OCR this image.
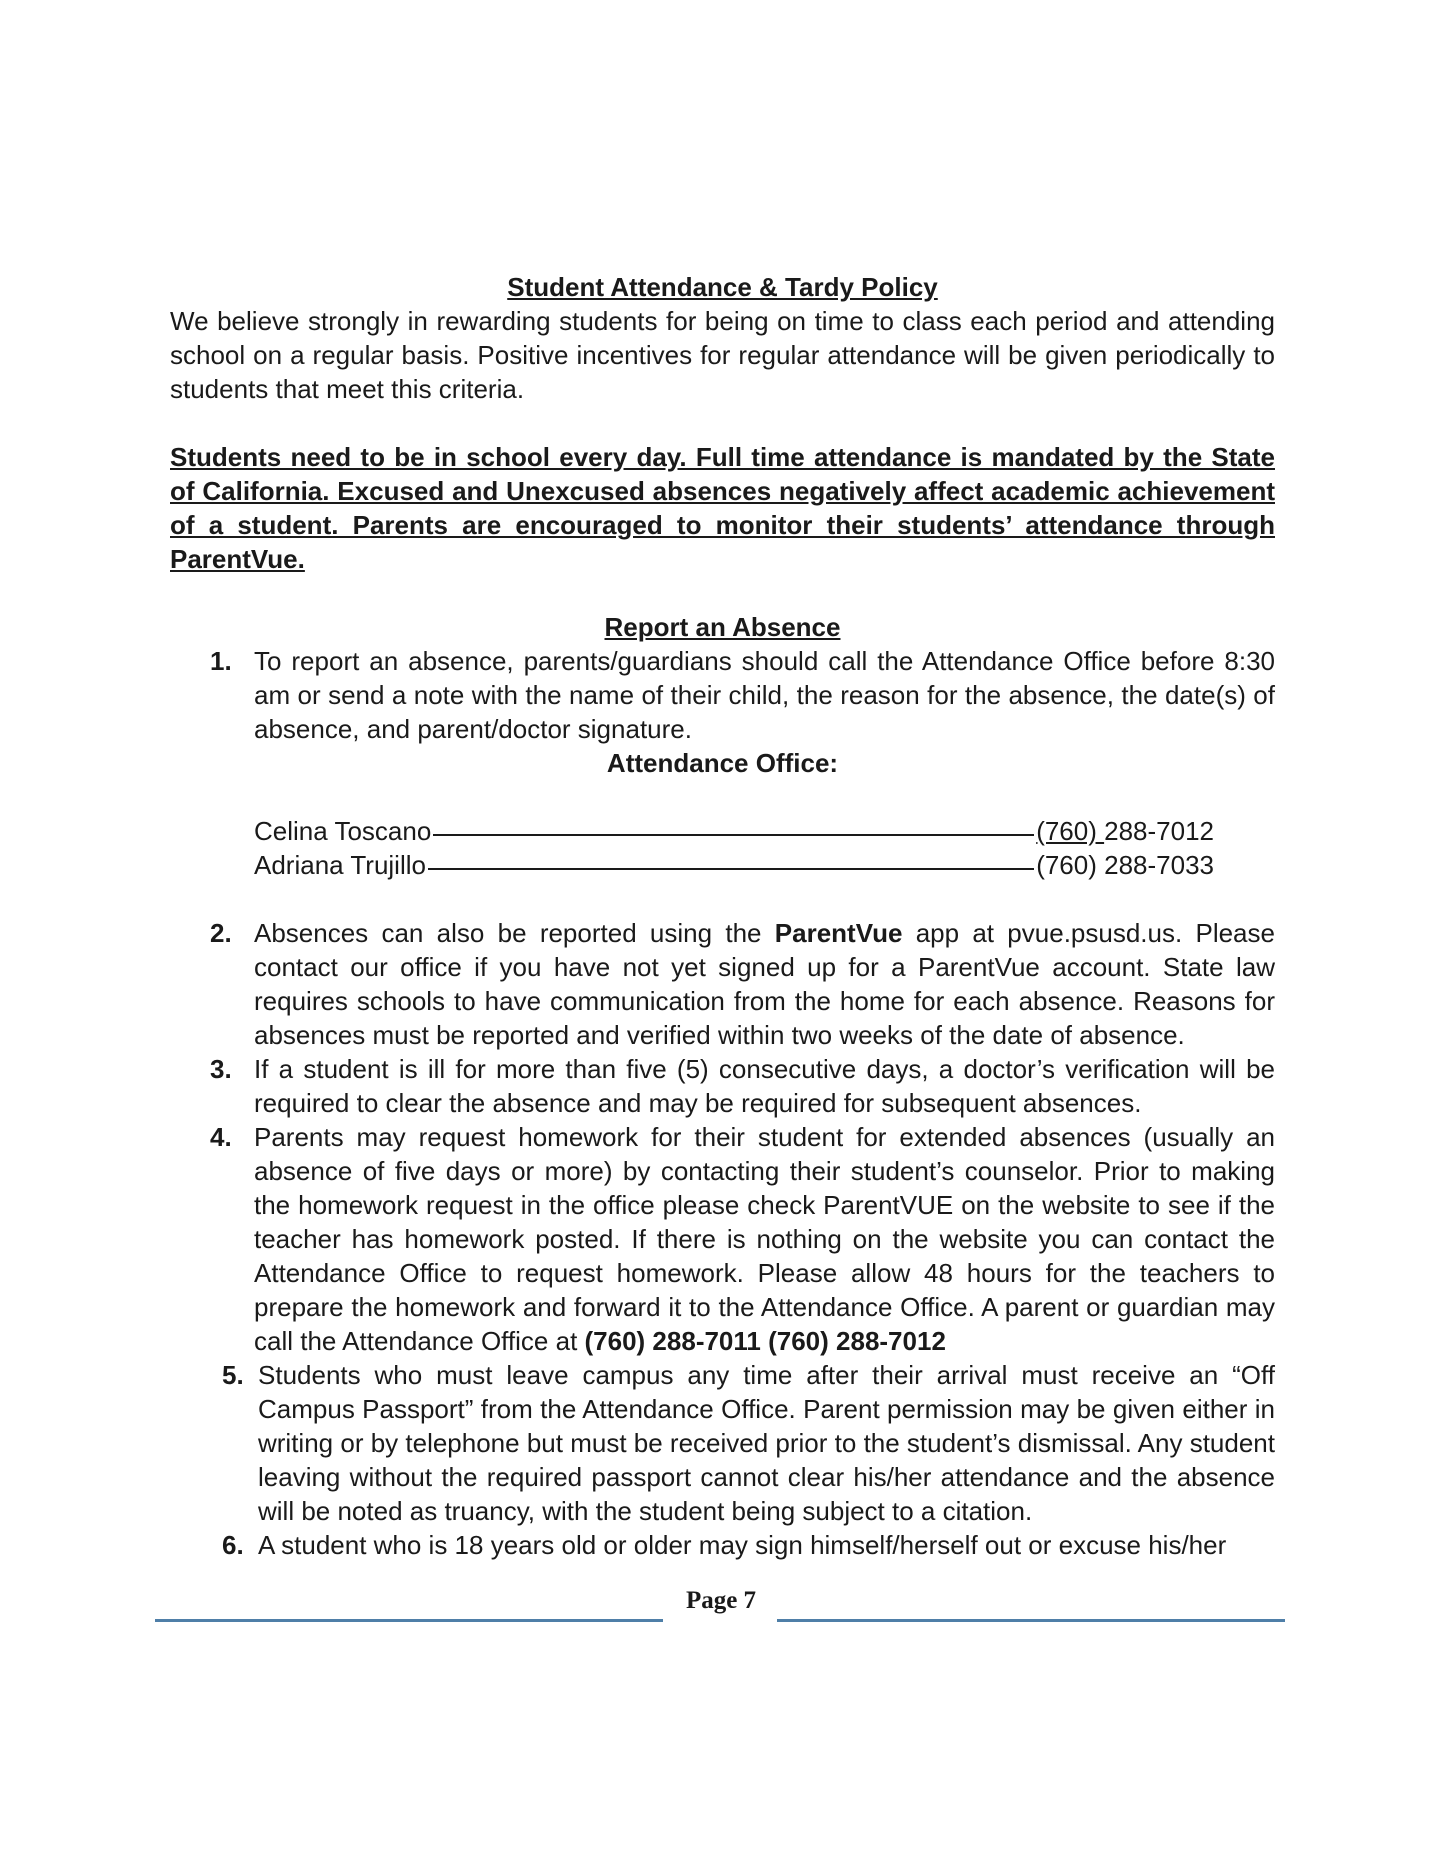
Student Attendance & Tardy Policy

We believe strongly in rewarding students for being on time to class each period and attending school on a regular basis. Positive incentives for regular attendance will be given periodically to students that meet this criteria.

Students need to be in school every day. Full time attendance is mandated by the State of California. Excused and Unexcused absences negatively affect academic achievement of a student. Parents are encouraged to monitor their students’ attendance through ParentVue.

Report an Absence

1. To report an absence, parents/guardians should call the Attendance Office before 8:30 am or send a note with the name of their child, the reason for the absence, the date(s) of absence, and parent/doctor signature.
Attendance Office:
Celina Toscano	(760) 288-7012
Adriana Trujillo	(760) 288-7033
2. Absences can also be reported using the ParentVue app at pvue.psusd.us. Please contact our office if you have not yet signed up for a ParentVue account. State law requires schools to have communication from the home for each absence. Reasons for absences must be reported and verified within two weeks of the date of absence.
3. If a student is ill for more than five (5) consecutive days, a doctor’s verification will be required to clear the absence and may be required for subsequent absences.
4. Parents may request homework for their student for extended absences (usually an absence of five days or more) by contacting their student’s counselor. Prior to making the homework request in the office please check ParentVUE on the website to see if the teacher has homework posted. If there is nothing on the website you can contact the Attendance Office to request homework. Please allow 48 hours for the teachers to prepare the homework and forward it to the Attendance Office. A parent or guardian may call the Attendance Office at (760) 288-7011 (760) 288-7012
5. Students who must leave campus any time after their arrival must receive an “Off Campus Passport” from the Attendance Office. Parent permission may be given either in writing or by telephone but must be received prior to the student’s dismissal. Any student leaving without the required passport cannot clear his/her attendance and the absence will be noted as truancy, with the student being subject to a citation.
6. A student who is 18 years old or older may sign himself/herself out or excuse his/her
Page 7
